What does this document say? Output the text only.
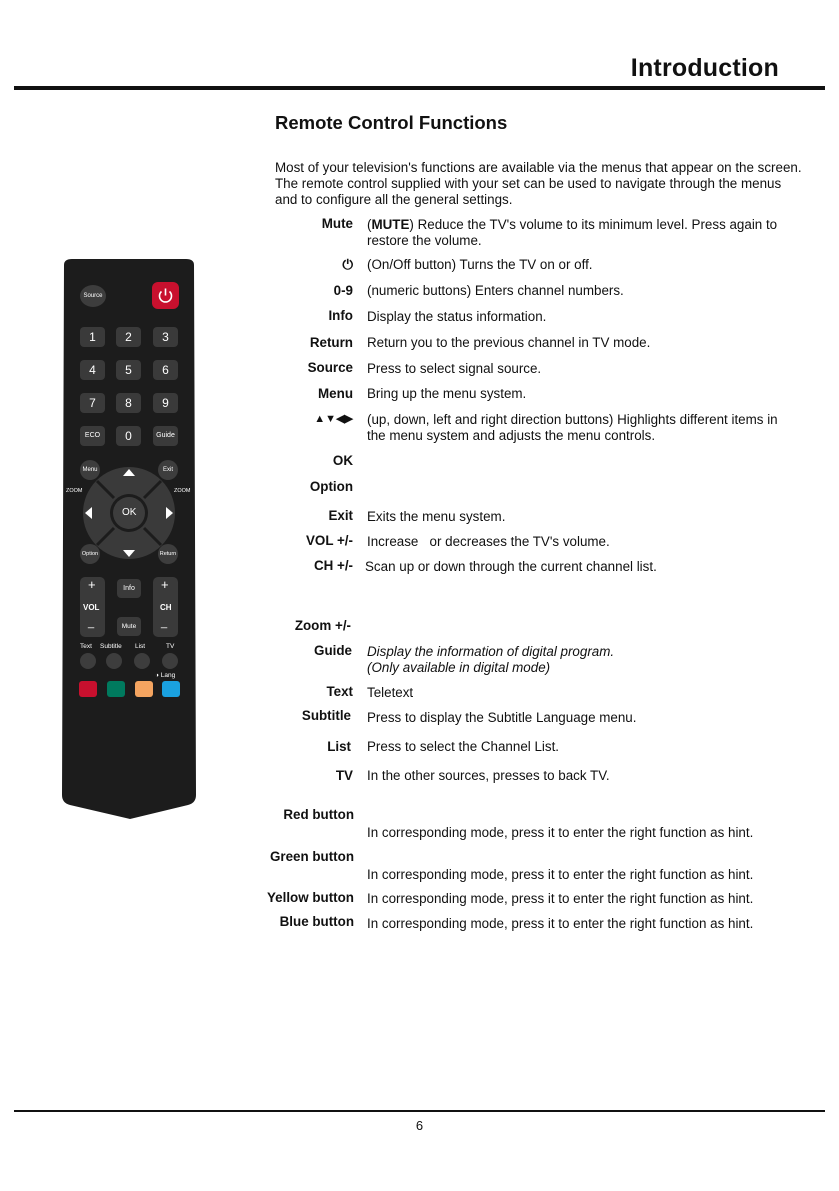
Introduction
Remote Control Functions
Most of your television's functions are available via the menus that appear on the screen. The remote control supplied with your set can be used to navigate through the menus and to configure all the general settings.
Mute (MUTE) Reduce the TV's volume to its minimum level. Press again to restore the volume.
⏻ (On/Off button) Turns the TV on or off.
0-9 (numeric buttons) Enters channel numbers.
Info Display the status information.
Return Return you to the previous channel in TV mode.
Source Press to select signal source.
Menu Bring up the menu system.
▲▼◀▶ (up, down, left and right direction buttons) Highlights different items in the menu system and adjusts the menu controls.
OK
Option
Exit Exits the menu system.
VOL +/- Increase   or decreases the TV's volume.
CH +/- Scan up or down through the current channel list.
Zoom +/-
Guide Display the information of digital program.
(Only available in digital mode)
Text Teletext
Subtitle Press to display the Subtitle Language menu.
List Press to select the Channel List.
TV In the other sources, presses to back TV.
Red button
In corresponding mode, press it to enter the right function as hint.
Green button
In corresponding mode, press it to enter the right function as hint.
Yellow button In corresponding mode, press it to enter the right function as hint.
Blue button In corresponding mode, press it to enter the right function as hint.
Source
1	2	3
4	5	6
7	8	9
ECO	0	Guide
Menu	Exit
ZOOM	ZOOM
OK
Option	Return
+
VOL
_
Info
Mute
+
CH
_
Text Subtitle List	TV
◑ Lang
6
